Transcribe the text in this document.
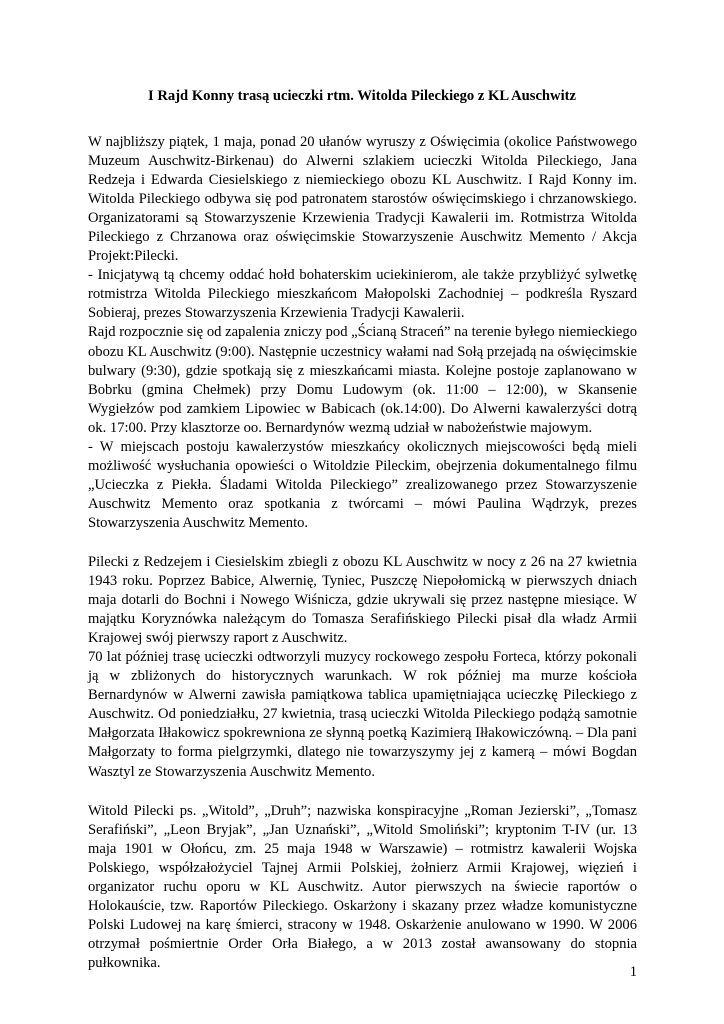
I Rajd Konny trasą ucieczki rtm. Witolda Pileckiego z KL Auschwitz

W najbliższy piątek, 1 maja, ponad 20 ułanów wyruszy z Oświęcimia (okolice Państwowego Muzeum Auschwitz-Birkenau) do Alwerni szlakiem ucieczki Witolda Pileckiego, Jana Redzeja i Edwarda Ciesielskiego z niemieckiego obozu KL Auschwitz. I Rajd Konny im. Witolda Pileckiego odbywa się pod patronatem starostów oświęcimskiego i chrzanowskiego. Organizatorami są Stowarzyszenie Krzewienia Tradycji Kawalerii im. Rotmistrza Witolda Pileckiego z Chrzanowa oraz oświęcimskie Stowarzyszenie Auschwitz Memento / Akcja Projekt:Pilecki.
- Inicjatywą tą chcemy oddać hołd bohaterskim uciekinierom, ale także przybliżyć sylwetkę rotmistrza Witolda Pileckiego mieszkańcom Małopolski Zachodniej – podkreśla Ryszard Sobieraj, prezes Stowarzyszenia Krzewienia Tradycji Kawalerii.
Rajd rozpocznie się od zapalenia zniczy pod „Ścianą Straceń” na terenie byłego niemieckiego obozu KL Auschwitz (9:00). Następnie uczestnicy wałami nad Sołą przejadą na oświęcimskie bulwary (9:30), gdzie spotkają się z mieszkańcami miasta. Kolejne postoje zaplanowano w Bobrku (gmina Chełmek) przy Domu Ludowym (ok. 11:00 – 12:00), w Skansenie Wygiełzów pod zamkiem Lipowiec w Babicach (ok.14:00). Do Alwerni kawalerzyści dotrą ok. 17:00. Przy klasztorze oo. Bernardynów wezmą udział w nabożeństwie majowym.
- W miejscach postoju kawalerzystów mieszkańcy okolicznych miejscowości będą mieli możliwość wysłuchania opowieści o Witoldzie Pileckim, obejrzenia dokumentalnego filmu „Ucieczka z Piekła. Śladami Witolda Pileckiego” zrealizowanego przez Stowarzyszenie Auschwitz Memento oraz spotkania z twórcami – mówi Paulina Wądrzyk, prezes Stowarzyszenia Auschwitz Memento.

Pilecki z Redzejem i Ciesielskim zbiegli z obozu KL Auschwitz w nocy z 26 na 27 kwietnia 1943 roku. Poprzez Babice, Alwernię, Tyniec, Puszczę Niepołomicką w pierwszych dniach maja dotarli do Bochni i Nowego Wiśnicza, gdzie ukrywali się przez następne miesiące. W majątku Koryznówka należącym do Tomasza Serafińskiego Pilecki pisał dla władz Armii Krajowej swój pierwszy raport z Auschwitz.
70 lat później trasę ucieczki odtworzyli muzycy rockowego zespołu Forteca, którzy pokonali ją w zbliżonych do historycznych warunkach. W rok później ma murze kościoła Bernardynów w Alwerni zawisła pamiątkowa tablica upamiętniająca ucieczkę Pileckiego z Auschwitz. Od poniedziałku, 27 kwietnia, trasą ucieczki Witolda Pileckiego podążą samotnie Małgorzata Iłłakowicz spokrewniona ze słynną poetką Kazimierą Iłłakowiczówną. – Dla pani Małgorzaty to forma pielgrzymki, dlatego nie towarzyszymy jej z kamerą – mówi Bogdan Wasztyl ze Stowarzyszenia Auschwitz Memento.

Witold Pilecki ps. „Witold”, „Druh”; nazwiska konspiracyjne „Roman Jezierski”, „Tomasz Serafiński”, „Leon Bryjak”, „Jan Uznański”, „Witold Smoliński”; kryptonim T-IV (ur. 13 maja 1901 w Ołońcu, zm. 25 maja 1948 w Warszawie) – rotmistrz kawalerii Wojska Polskiego, współzałożyciel Tajnej Armii Polskiej, żołnierz Armii Krajowej, więzień i organizator ruchu oporu w KL Auschwitz. Autor pierwszych na świecie raportów o Holokauście, tzw. Raportów Pileckiego. Oskarżony i skazany przez władze komunistyczne Polski Ludowej na karę śmierci, stracony w 1948. Oskarżenie anulowano w 1990. W 2006 otrzymał pośmiertnie Order Orła Białego, a w 2013 został awansowany do stopnia pułkownika.

1
